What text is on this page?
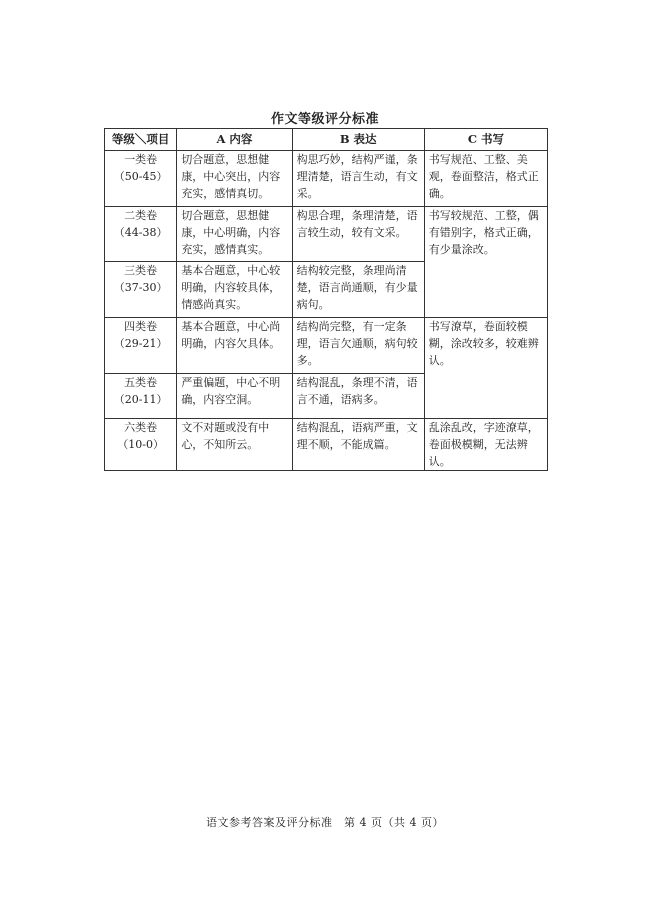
作文等级评分标准
等级＼项目	A 内容	B 表达	C 书写

一类卷
（50-45）	切合题意，思想健康，中心突出，内容充实，感情真切。	构思巧妙，结构严谨，条理清楚，语言生动，有文采。	书写规范、工整、美观，卷面整洁，格式正确。

二类卷
（44-38）	切合题意，思想健康，中心明确，内容充实，感情真实。	构思合理，条理清楚，语言较生动，较有文采。	书写较规范、工整，偶有错别字，格式正确，有少量涂改。

三类卷
（37-30）	基本合题意，中心较明确，内容较具体，情感尚真实。	结构较完整，条理尚清楚，语言尚通顺，有少量病句。	

四类卷
（29-21）	基本合题意，中心尚明确，内容欠具体。	结构尚完整，有一定条理，语言欠通顺，病句较多。	书写潦草，卷面较模糊，涂改较多，较难辨认。

五类卷
（20-11）	严重偏题，中心不明确，内容空洞。	结构混乱，条理不清，语言不通，语病多。	

六类卷
（10-0）	文不对题或没有中心，不知所云。	结构混乱，语病严重，文理不顺，不能成篇。	乱涂乱改，字迹潦草，卷面极模糊，无法辨认。
语文参考答案及评分标准　第 4 页（共 4 页）
